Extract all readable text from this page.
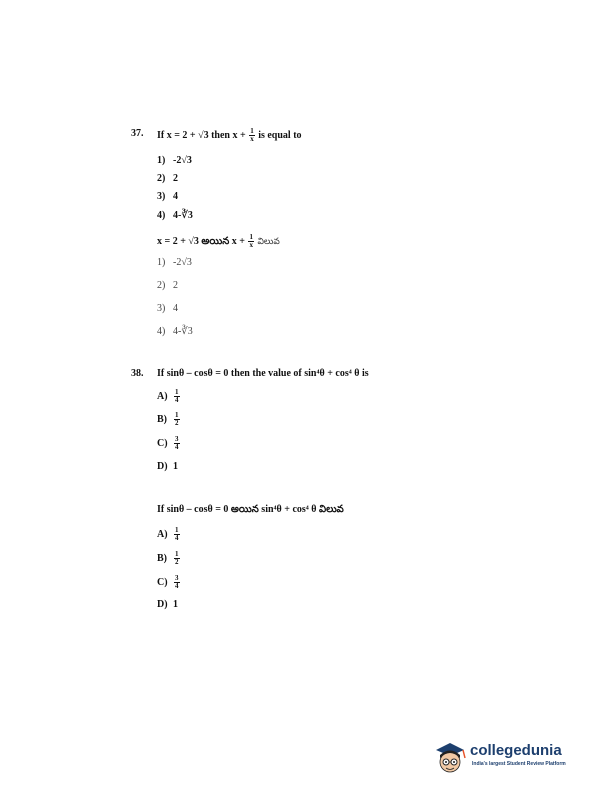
37. If x = 2 + √3 then $x + \frac{1}{x}$ is equal to
1) -2√3
2) 2
3) 4
4) 4-∛3
x = 2 + √3 అయిన $x + \frac{1}{x}$ విలువ
1) -2√3
2) 2
3) 4
4) 4-∛3
38. If sinθ – cosθ = 0 then the value of sin⁴θ + cos⁴ θ is
$A) \frac{1}{4}$
$B) \frac{1}{2}$
$C) \frac{3}{4}$
D) 1
If sinθ – cosθ = 0 అయిన sin⁴θ + cos⁴ θ విలువ
$A) \frac{1}{4}$
$B) \frac{1}{2}$
$C) \frac{3}{4}$
D) 1
collegedunia
India's largest Student Review Platform
